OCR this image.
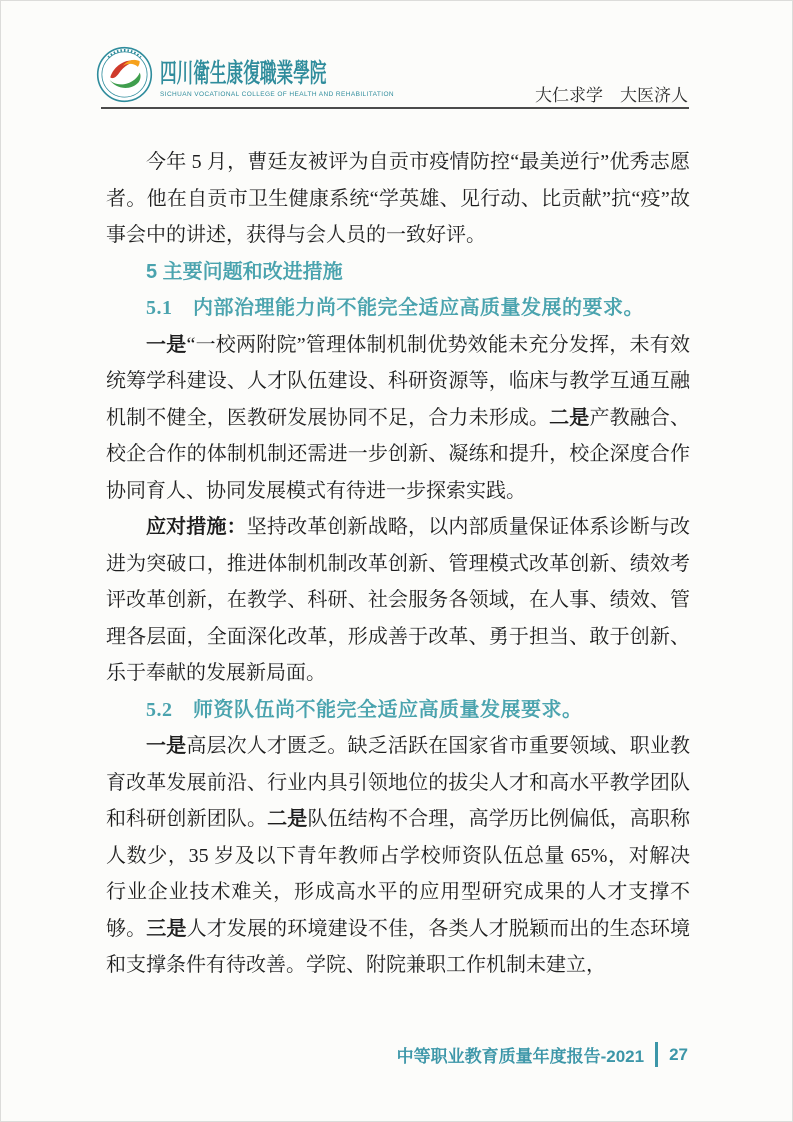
四川衛生康復職業學院
SICHUAN VOCATIONAL COLLEGE OF HEALTH AND REHABILITATION	大仁求学 大医济人

今年 5 月，曹廷友被评为自贡市疫情防控“最美逆行”优秀志愿者。他在自贡市卫生健康系统“学英雄、见行动、比贡献”抗“疫”故事会中的讲述，获得与会人员的一致好评。

5 主要问题和改进措施
5.1　内部治理能力尚不能完全适应高质量发展的要求。

一是“一校两附院”管理体制机制优势效能未充分发挥，未有效统筹学科建设、人才队伍建设、科研资源等，临床与教学互通互融机制不健全，医教研发展协同不足，合力未形成。二是产教融合、校企合作的体制机制还需进一步创新、凝练和提升，校企深度合作协同育人、协同发展模式有待进一步探索实践。

应对措施：坚持改革创新战略，以内部质量保证体系诊断与改进为突破口，推进体制机制改革创新、管理模式改革创新、绩效考评改革创新，在教学、科研、社会服务各领域，在人事、绩效、管理各层面，全面深化改革，形成善于改革、勇于担当、敢于创新、乐于奉献的发展新局面。

5.2　师资队伍尚不能完全适应高质量发展要求。

一是高层次人才匮乏。缺乏活跃在国家省市重要领域、职业教育改革发展前沿、行业内具引领地位的拔尖人才和高水平教学团队和科研创新团队。二是队伍结构不合理，高学历比例偏低，高职称人数少，35 岁及以下青年教师占学校师资队伍总量 65%，对解决行业企业技术难关，形成高水平的应用型研究成果的人才支撑不够。三是人才发展的环境建设不佳，各类人才脱颖而出的生态环境和支撑条件有待改善。学院、附院兼职工作机制未建立，

中等职业教育质量年度报告-2021 27
